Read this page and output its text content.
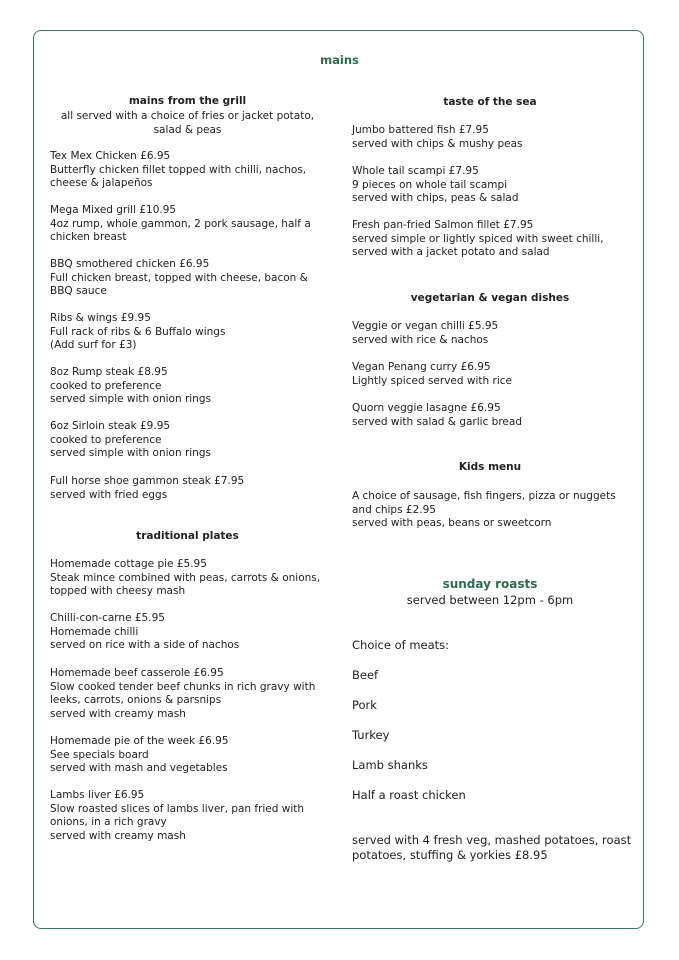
mains
mains from the grill
all served with a choice of fries or jacket potato, salad & peas
Tex Mex Chicken £6.95
Butterfly chicken fillet topped with chilli, nachos,
cheese & jalapeños
Mega Mixed grill £10.95
4oz rump, whole gammon, 2 pork sausage, half a
chicken breast
BBQ smothered chicken £6.95
Full chicken breast, topped with cheese, bacon &
BBQ sauce
Ribs & wings £9.95
Full rack of ribs & 6 Buffalo wings
(Add surf for £3)
8oz Rump steak £8.95
cooked to preference
served simple with onion rings
6oz Sirloin steak £9.95
cooked to preference
served simple with onion rings
Full horse shoe gammon steak £7.95
served with fried eggs
traditional plates
Homemade cottage pie £5.95
Steak mince combined with peas, carrots & onions,
topped with cheesy mash
Chilli-con-carne £5.95
Homemade chilli
served on rice with a side of nachos
Homemade beef casserole £6.95
Slow cooked tender beef chunks in rich gravy with
leeks, carrots, onions & parsnips
served with creamy mash
Homemade pie of the week £6.95
See specials board
served with mash and vegetables
Lambs liver £6.95
Slow roasted slices of lambs liver, pan fried with
onions, in a rich gravy
served with creamy mash
taste of the sea
Jumbo battered fish £7.95
served with chips & mushy peas
Whole tail scampi £7.95
9 pieces on whole tail scampi
served with chips, peas & salad
Fresh pan-fried Salmon fillet £7.95
served simple or lightly spiced with sweet chilli,
served with a jacket potato and salad
vegetarian & vegan dishes
Veggie or vegan chilli £5.95
served with rice & nachos
Vegan Penang curry £6.95
Lightly spiced served with rice
Quorn veggie lasagne £6.95
served with salad & garlic bread
Kids menu
A choice of sausage, fish fingers, pizza or nuggets
and chips £2.95
served with peas, beans or sweetcorn
sunday roasts
served between 12pm - 6pm
Choice of meats:
Beef
Pork
Turkey
Lamb shanks
Half a roast chicken
served with 4 fresh veg, mashed potatoes, roast
potatoes, stuffing & yorkies £8.95
